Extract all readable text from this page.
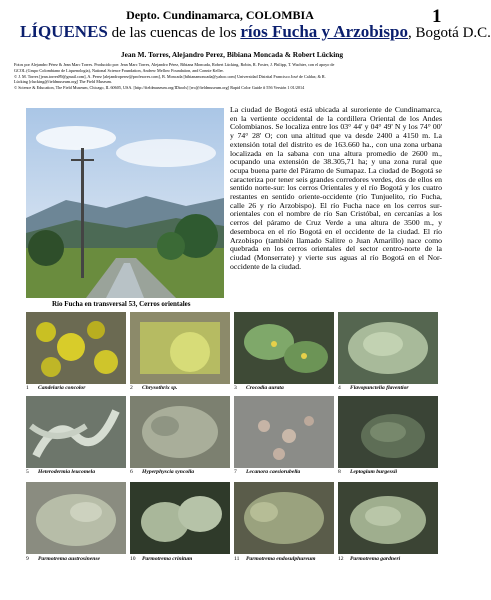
Depto. Cundinamarca, COLOMBIA	1
LÍQUENES de las cuencas de los ríos Fucha y Arzobispo, Bogotá D.C.
Jean M. Torres, Alejandro Perez, Bibiana Moncada & Robert Lücking
Fotos por Alejandro Pérez & Jean Marc Torres. Producido por: Jean Marc Torres, Alejandro Pérez, Bibiana Moncada, Robert Lücking, Robin, R. Foster, J. Philipp, T. Wachter, con el apoyo de
GCOL (Grupo Colombiano de Liquenología), National Science Foundation, Andrew Mellow Foundation, and Connie Keller.
© J. M. Torres [jean.torres89@gmail.com], A. Perez [alejandroperez@profesores.com], B. Moncada [bibianamoncada@yahoo.com] Universidad Distrital Francisco José de Caldas; & R.
Lücking [rlucking@fieldmuseum.org] The Field Museum.
© Science & Education, The Field Museum, Chicago, IL 60605, USA. [http://fieldmuseum.org/IDtools] [rrc@fieldmuseum.org] Rapid Color Guide # 556 Versión 1 01/2014
Río Fucha en transversal 53, Cerros orientales
La ciudad de Bogotá está ubicada al suroriente de Cundinamarca, en la vertiente occidental de la cordillera Oriental de los Andes Colombianos. Se localiza entre los 03° 44' y 04° 49' N y los 74° 00' y 74° 28' O; con una altitud que va desde 2400 a 4150 m. La extensión total del distrito es de 163.660 ha., con una zona urbana localizada en la sabana con una altura promedio de 2600 m., ocupando una extensión de 38.305,71 ha; y una zona rural que ocupa buena parte del Páramo de Sumapaz. La ciudad de Bogotá se caracteriza por tener seis grandes corredores verdes, dos de ellos en sentido norte-sur: los cerros Orientales y el río Bogotá y los cuatro restantes en sentido oriente-occidente (río Tunjuelito, río Fucha, calle 26 y río Arzobispo). El río Fucha nace en los cerros sur-orientales con el nombre de río San Cristóbal, en cercanías a los cerros del páramo de Cruz Verde a una altura de 3500 m., y desemboca en el río Bogotá en el occidente de la ciudad. El río Arzobispo (también llamado Salitre o Juan Amarillo) nace como quebrada en los cerros orientales del sector centro-norte de la ciudad (Monserrate) y vierte sus aguas al río Bogotá en el Nor-occidente de la ciudad.
1 Candelaria concolor	2 Chrysothrix sp.	3 Crocodia aurata	4 Flavopunctelia flaventior
5 Heterodermia leucomela	6 Hyperphyscia syncolla	7 Lecanora caesiorubella	8 Leptogium burgessii
9 Parmotrema austrosinense	10 Parmotrema crinitum	11 Parmotrema endosulphureum	12 Parmotrema gardneri
